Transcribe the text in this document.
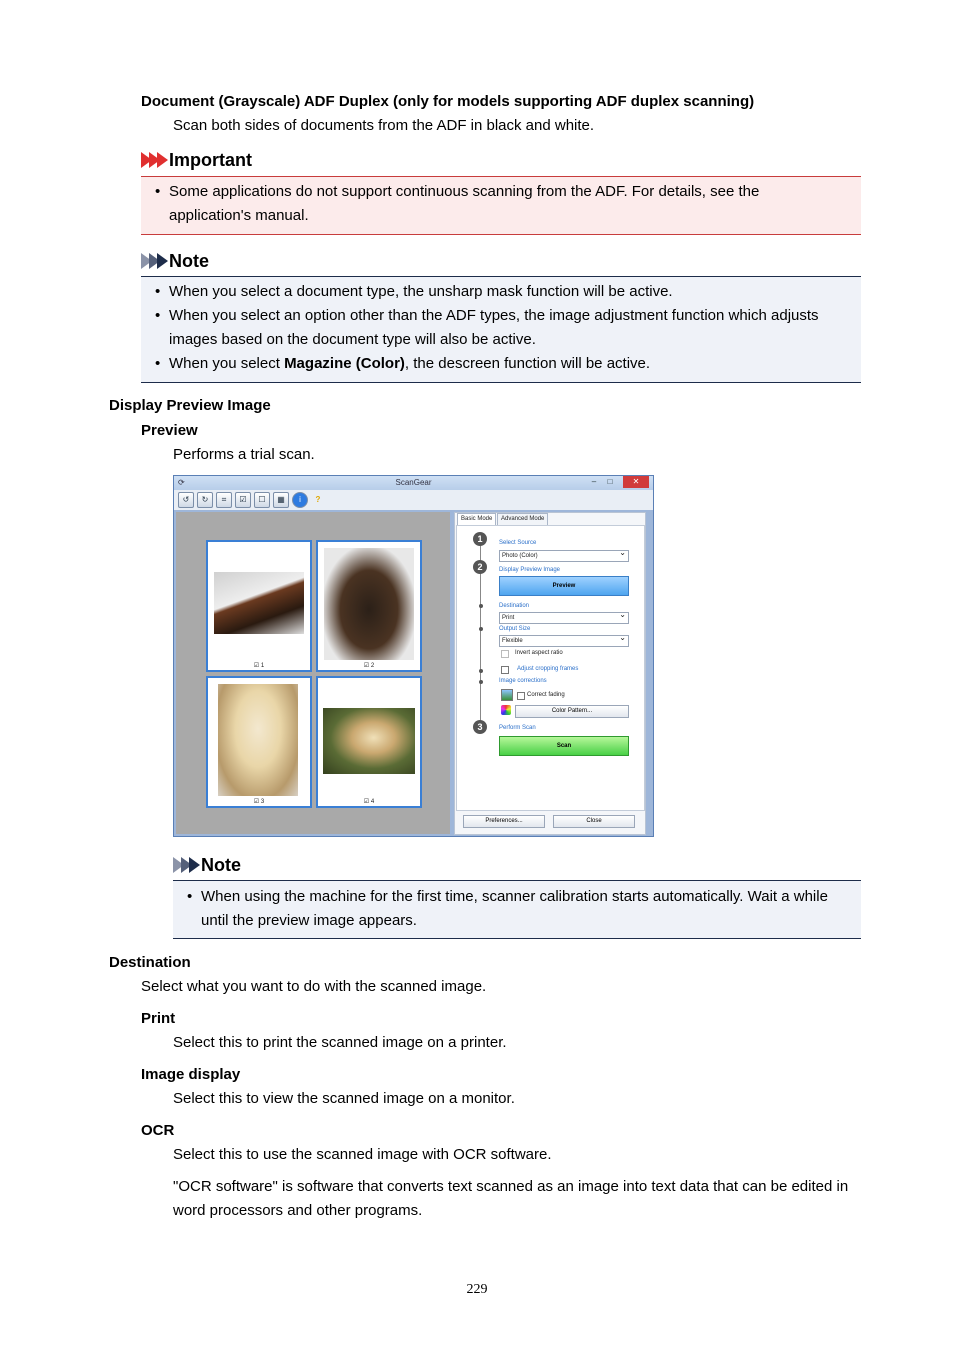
Document (Grayscale) ADF Duplex (only for models supporting ADF duplex scanning)
Scan both sides of documents from the ADF in black and white.
Important
• Some applications do not support continuous scanning from the ADF. For details, see the application's manual.
Note
• When you select a document type, the unsharp mask function will be active.
• When you select an option other than the ADF types, the image adjustment function which adjusts images based on the document type will also be active.
• When you select Magazine (Color), the descreen function will be active.
Display Preview Image
Preview
Performs a trial scan.
⟳	ScanGear	–	□	✕
↺	↻	⌗	☑	☐	▦	i	?
☑ 1	☑ 2
☑ 3	☑ 4
Basic Mode	Advanced Mode
1	Select Source
Photo (Color) ⌄
2	Display Preview Image
Preview
Destination
Print ⌄
Output Size
Flexible ⌄
Invert aspect ratio
Adjust cropping frames
Image corrections
Correct fading
Color Pattern...
3	Perform Scan
Scan
Preferences...	Close
Note
• When using the machine for the first time, scanner calibration starts automatically. Wait a while until the preview image appears.
Destination
Select what you want to do with the scanned image.
Print
Select this to print the scanned image on a printer.
Image display
Select this to view the scanned image on a monitor.
OCR
Select this to use the scanned image with OCR software.
"OCR software" is software that converts text scanned as an image into text data that can be edited in word processors and other programs.
229
